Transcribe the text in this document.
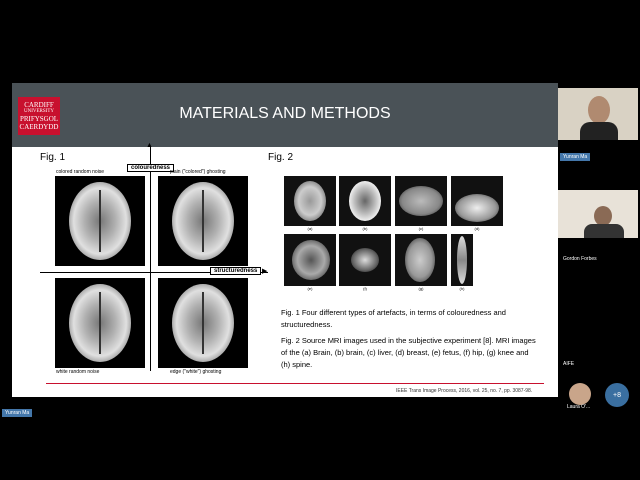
CARDIFF
UNIVERSITY
PRIFYSGOL
CAERDYDD
MATERIALS AND METHODS
Fig. 1
▲
▶
colouredness
structuredness
colored random noise	plain ("colored") ghosting
white random noise	edge ("white") ghosting
Fig. 2
(a)	(b)	(c)	(d)
(e)	(f)	(g)	(h)
Fig. 1 Four different types of artefacts, in terms of colouredness and structuredness.
Fig. 2 Source MRI images used in the subjective experiment [8]. MRI images of the (a) Brain, (b) brain, (c) liver, (d) breast, (e) fetus, (f) hip, (g) knee and (h) spine.
IEEE Trans Image Process, 2016, vol. 25, no. 7, pp. 3087-98.
Yunran Ma
Gordon Forbes
AIFE
Laura O'...
+8
Yunran Ma
